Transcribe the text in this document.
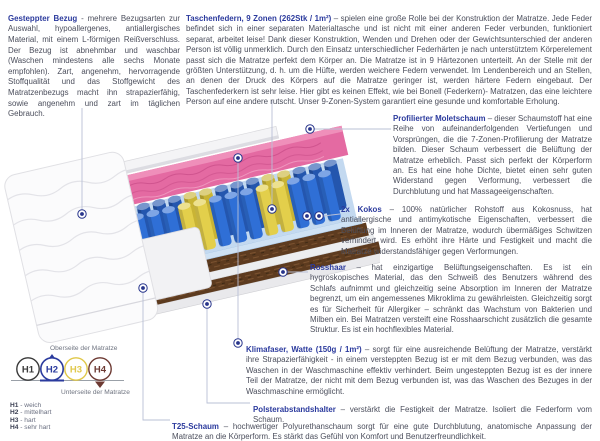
Gesteppter Bezug - mehrere Bezugsarten zur Auswahl, hypoallergenes, antiallergisches Material, mit einem L-förmigen Reißverschluss. Der Bezug ist abnehmbar und waschbar (Waschen mindestens alle sechs Monate empfohlen). Zart, angenehm, hervorragende Stoffqualität und das Stoffgewicht des Matratzenbezugs macht ihn strapazierfähig, sowie angenehm und zart im täglichen Gebrauch.

Taschenfedern, 9 Zonen (262Stk / 1m²) – spielen eine große Rolle bei der Konstruktion der Matratze. Jede Feder befindet sich in einer separaten Materialtasche und ist nicht mit einer anderen Feder verbunden, funktioniert separat, arbeitet leise! Dank dieser Konstruktion, Wenden und Drehen oder der Gewichtsunterschied der anderen Person ist völlig unmerklich. Durch den Einsatz unterschiedlicher Federhärten je nach unterstütztem Körperelement passt sich die Matratze perfekt dem Körper an. Die Matratze ist in 9 Härtezonen unterteilt. An der Stelle mit der größten Unterstützung, d. h. um die Hüfte, werden weichere Federn verwendet. Im Lendenbereich und an Stellen, an denen der Druck des Körpers auf die Matratze geringer ist, werden härtere Federn eingebaut. Der Taschenfederkern ist sehr leise. Hier gibt es keinen Effekt, wie bei Bonell (Federkern)- Matratzen, das eine leichtere Person auf eine andere rutscht. Unser 9-Zonen-System garantiert eine gesunde und komfortable Erholung.

Profilierter Moletschaum – dieser Schaumstoff hat eine Reihe von aufeinanderfolgenden Vertiefungen und Vorsprüngen, die die 7-Zonen-Profilierung der Matratze bilden. Dieser Schaum verbessert die Belüftung der Matratze erheblich. Passt sich perfekt der Körperform an. Es hat eine hohe Dichte, bietet einen sehr guten Widerstand gegen Verformung, verbessert die Durchblutung und hat Massageeigenschaften.

2x Kokos – 100% natürlicher Rohstoff aus Kokosnuss, hat antiallergische und antimykotische Eigenschaften, verbessert die Belüftung im Inneren der Matratze, wodurch übermäßiges Schwitzen verhindert wird. Es erhöht ihre Härte und Festigkeit und macht die Matratze widerstandsfähiger gegen Verformungen.

Rosshaar – hat einzigartige Belüftungseigenschaften. Es ist ein hygroskopisches Material, das den Schweiß des Benutzers während des Schlafs aufnimmt und gleichzeitig seine Absorption im Inneren der Matratze begrenzt, um ein angemessenes Mikroklima zu gewährleisten. Gleichzeitig sorgt es für Sicherheit für Allergiker – schränkt das Wachstum von Bakterien und Milben ein. Bei Matratzen versteift eine Rosshaarschicht zusätzlich die gesamte Struktur. Es ist ein hochflexibles Material.

Klimafaser, Watte (150g / 1m²) – sorgt für eine ausreichende Belüftung der Matratze, verstärkt ihre Strapazierfähigkeit - in einem versteppten Bezug ist er mit dem Bezug verbunden, was das Waschen in der Waschmaschine effektiv verhindert. Beim ungesteppten Bezug ist es der innere Teil der Matratze, der nicht mit dem Bezug verbunden ist, was das Waschen des Bezuges in der Waschmaschine ermöglicht.

Polsterabstandshalter – verstärkt die Festigkeit der Matratze. Isoliert die Federform vom Schaum.

T25-Schaum – hochwertiger Polyurethanschaum sorgt für eine gute Durchblutung, anatomische Anpassung der Matratze an die Körperform. Es stärkt das Gefühl von Komfort und Benutzerfreundlichkeit.

Oberseite der Matratze
H1 H2 H3 H4
Unterseite der Matratze
H1 - weich
H2 - mittelhart
H3 - hart
H4 - sehr hart
